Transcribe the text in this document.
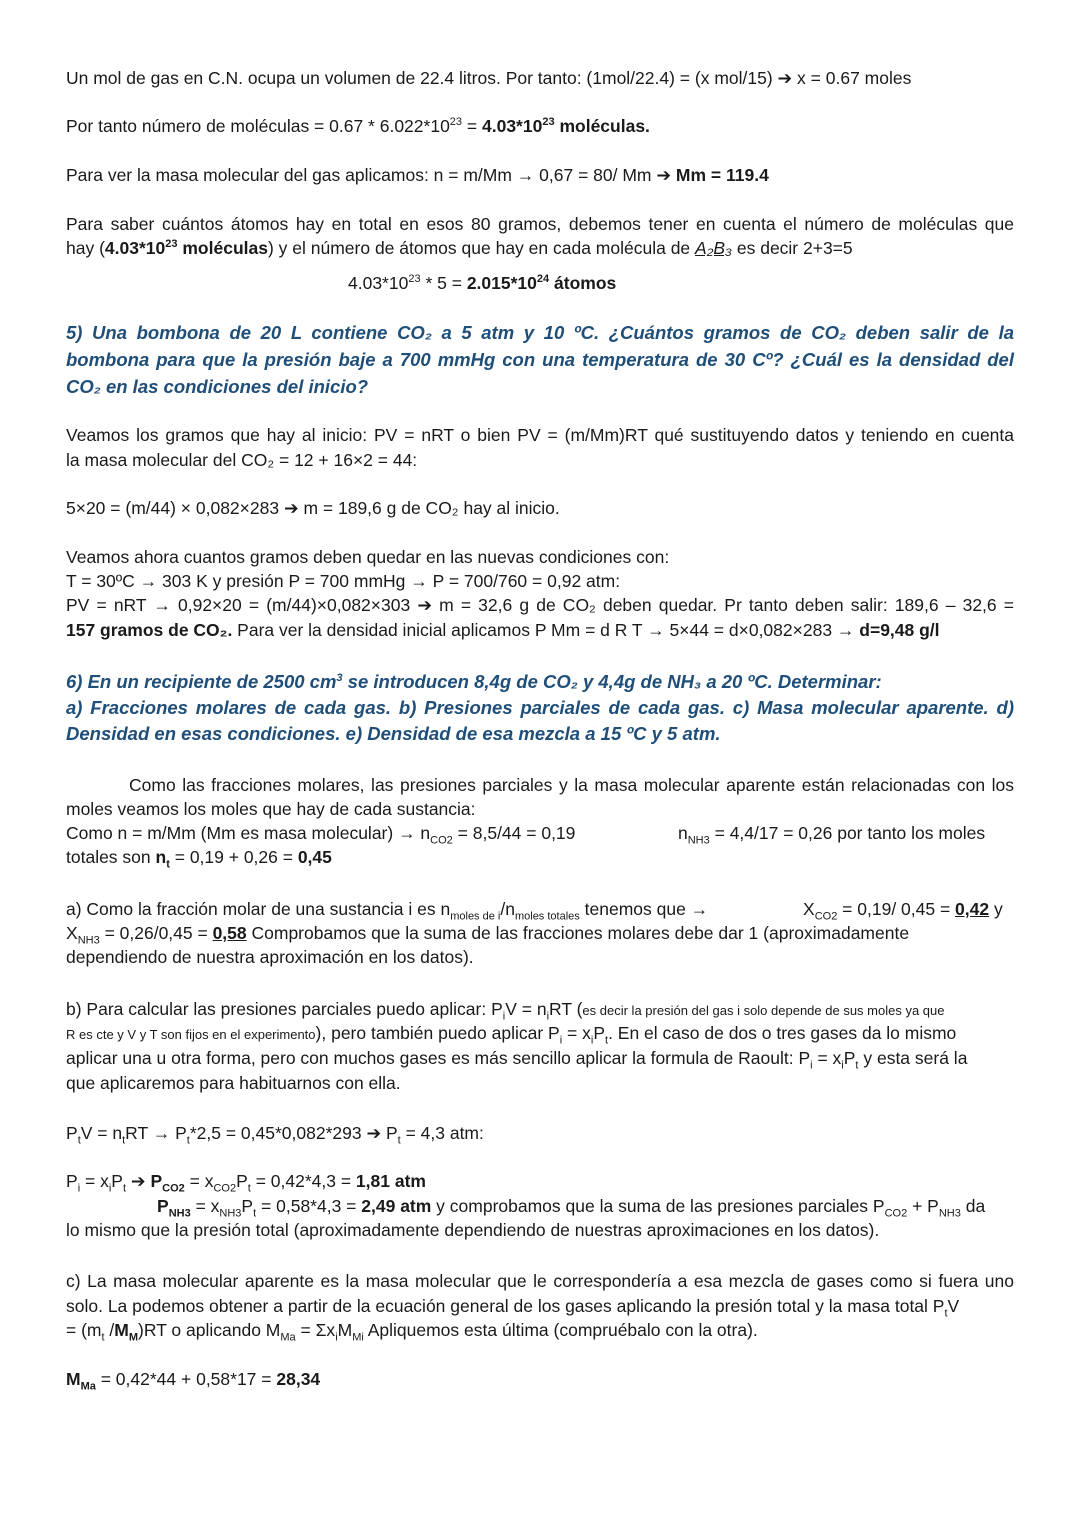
Un mol de gas en C.N. ocupa un volumen de 22.4 litros. Por tanto: (1mol/22.4) = (x mol/15) ➔ x = 0.67 moles
Por tanto número de moléculas = $0.67 * 6.022*10^{23} = 4.03*10^{23}$ moléculas.
Para ver la masa molecular del gas aplicamos: n = m/Mm → 0,67 = 80/ Mm ➔ Mm = 119.4
Para saber cuántos átomos hay en total en esos 80 gramos, debemos tener en cuenta el número de moléculas que
hay ($4.03*10^{23}$ moléculas) y el número de átomos que hay en cada molécula de A₂B₃ es decir 2+3=5
$4.03*10^{23} * 5 = 2.015*10^{24}$ átomos
5) Una bombona de 20 L contiene CO₂ a 5 atm y 10 ºC. ¿Cuántos gramos de CO₂ deben salir de la
bombona para que la presión baje a 700 mmHg con una temperatura de 30 Cº? ¿Cuál es la densidad del
CO₂ en las condiciones del inicio?
Veamos los gramos que hay al inicio: PV = nRT o bien PV = (m/Mm)RT qué sustituyendo datos y teniendo en cuenta
la masa molecular del CO₂ = 12 + 16×2 = 44:
5×20 = (m/44) × 0,082×283 ➔ m = 189,6 g de CO₂ hay al inicio.
Veamos ahora cuantos gramos deben quedar en las nuevas condiciones con:
T = 30ºC → 303 K y presión P = 700 mmHg → P = 700/760 = 0,92 atm:
PV = nRT → 0,92×20 = (m/44)×0,082×303 ➔ m = 32,6 g de CO₂ deben quedar. Pr tanto deben salir: 189,6 – 32,6 =
157 gramos de CO₂. Para ver la densidad inicial aplicamos P Mm = d R T → 5×44 = d×0,082×283 → d=9,48 g/l
6) En un recipiente de 2500 $cm^3$ se introducen 8,4g de CO₂ y 4,4g de NH₃ a 20 ºC. Determinar:
a) Fracciones molares de cada gas. b) Presiones parciales de cada gas. c) Masa molecular aparente. d)
Densidad en esas condiciones. e) Densidad de esa mezcla a 15 ºC y 5 atm.
Como las fracciones molares, las presiones parciales y la masa molecular aparente están relacionadas con los
moles veamos los moles que hay de cada sustancia:
Como n = m/Mm (Mm es masa molecular) → $n_{CO2} = 8,5/44 = 0,19$	$n_{NH3} = 4,4/17 = 0,26$ por tanto los moles
totales son $n_t = 0,19 + 0,26 = 0,45$
a) Como la fracción molar de una sustancia i es $n_{moles de i}/n_{moles totales}$ tenemos que →	$X_{CO2} = 0,19/$ 0,45 = 0,42 y
$X_{NH3} = 0,26/0,45 = 0,58$ Comprobamos que la suma de las fracciones molares debe dar 1 (aproximadamente
dependiendo de nuestra aproximación en los datos).
b) Para calcular las presiones parciales puedo aplicar: $P_iV = n_iRT$ (es decir la presión del gas i solo depende de sus moles ya que
R es cte y V y T son fijos en el experimento), pero también puedo aplicar $P_i = x_iP_t$. En el caso de dos o tres gases da lo mismo
aplicar una u otra forma, pero con muchos gases es más sencillo aplicar la formula de Raoult: $P_i = x_iP_t$ y esta será la
que aplicaremos para habituarnos con ella.
$P_tV = n_tRT \to P_t*2,5 = 0,45*0,082*293$ ➔ $P_t = 4,3$ atm:
$P_i = x_iP_t$ ➔ $P_{CO2} = x_{CO2}P_t = 0,42*4,3 = 1,81$ atm
$P_{NH3} = x_{NH3}P_t = 0,58*4,3 = 2,49$ atm y comprobamos que la suma de las presiones parciales $P_{CO2} + P_{NH3}$ da
lo mismo que la presión total (aproximadamente dependiendo de nuestras aproximaciones en los datos).
c) La masa molecular aparente es la masa molecular que le correspondería a esa mezcla de gases como si fuera uno
solo. La podemos obtener a partir de la ecuación general de los gases aplicando la presión total y la masa total $P_tV$
= ($m_t$ $/M_M)RT$ o aplicando $M_{Ma} = \Sigma x_iM_{Mi}$ Apliquemos esta última (compruébalo con la otra).
$M_{Ma} = 0,42*44 + 0,58*17 = 28,34$
